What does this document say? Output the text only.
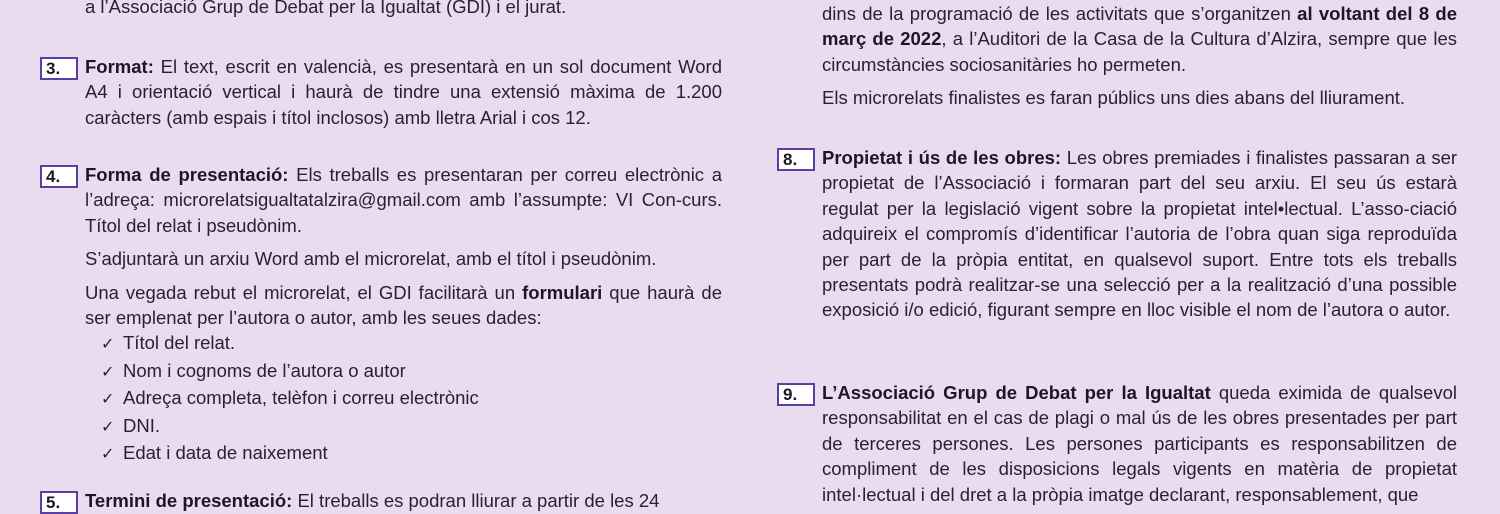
a l’Associació Grup de Debat per la Igualtat (GDI) i el jurat.

3.	Format: El text, escrit en valencià, es presentarà en un sol document Word A4 i orientació vertical i haurà de tindre una extensió màxima de 1.200 caràcters (amb espais i títol inclosos) amb lletra Arial i cos 12.

4.	Forma de presentació: Els treballs es presentaran per correu electrònic a l’adreça: microrelatsigualtatalzira@gmail.com amb l’assumpte: VI Con-curs. Títol del relat i pseudònim.

S’adjuntarà un arxiu Word amb el microrelat, amb el títol i pseudònim.

Una vegada rebut el microrelat, el GDI facilitarà un formulari que haurà de ser emplenat per l’autora o autor, amb les seues dades:

✓ Títol del relat.
✓ Nom i cognoms de l’autora o autor
✓ Adreça completa, telèfon i correu electrònic
✓ DNI.
✓ Edat i data de naixement
5.	Termini de presentació: El treballs es podran lliurar a partir de les 24

dins de la programació de les activitats que s’organitzen al voltant del 8 de març de 2022, a l’Auditori de la Casa de la Cultura d’Alzira, sempre que les circumstàncies sociosanitàries ho permeten.

Els microrelats finalistes es faran públics uns dies abans del lliurament.

8.	Propietat i ús de les obres: Les obres premiades i finalistes passaran a ser propietat de l’Associació i formaran part del seu arxiu. El seu ús estarà regulat per la legislació vigent sobre la propietat intel•lectual. L’asso-ciació adquireix el compromís d’identificar l’autoria de l’obra quan siga reproduïda per part de la pròpia entitat, en qualsevol suport. Entre tots els treballs presentats podrà realitzar-se una selecció per a la realització d’una possible exposició i/o edició, figurant sempre en lloc visible el nom de l’autora o autor.

9.	L’Associació Grup de Debat per la Igualtat queda eximida de qualsevol responsabilitat en el cas de plagi o mal ús de les obres presentades per part de terceres persones. Les persones participants es responsabilitzen de compliment de les disposicions legals vigents en matèria de propietat intel·lectual i del dret a la pròpia imatge declarant, responsablement, que
